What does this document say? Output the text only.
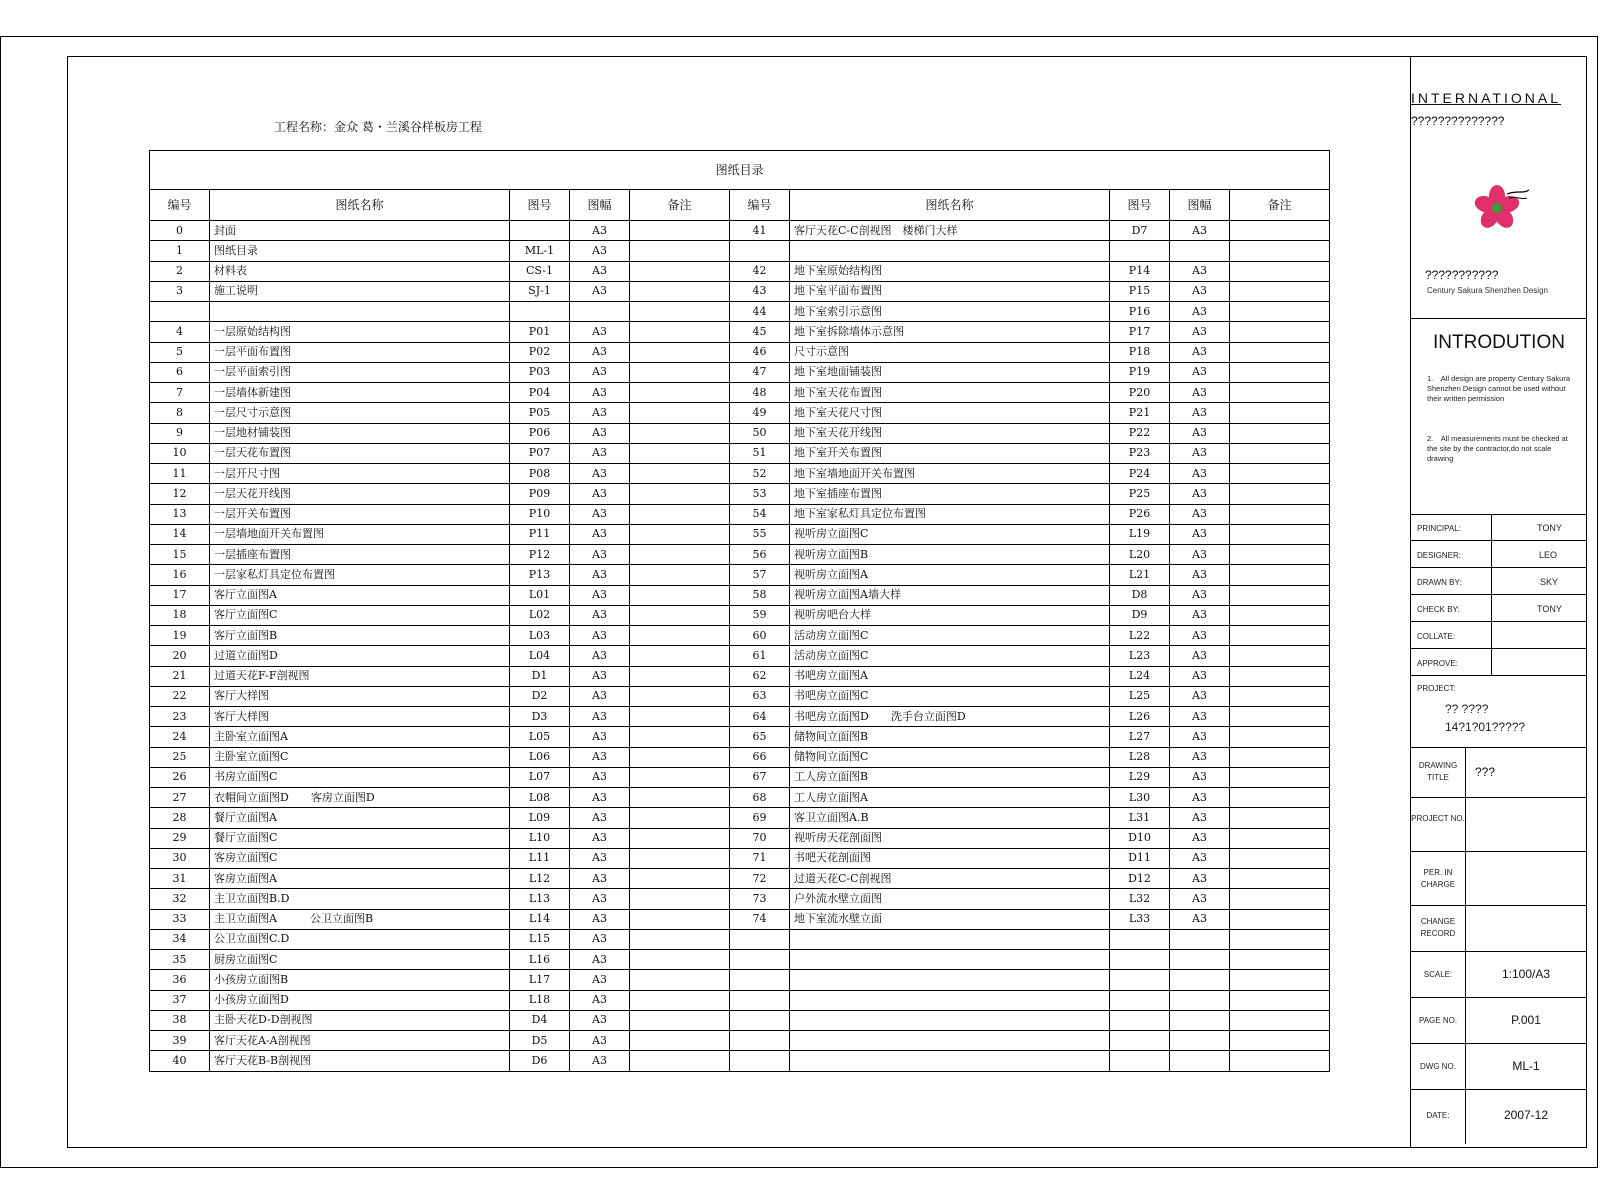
工程名称：金众 葛・兰溪谷样板房工程
图纸目录									
编号	图纸名称	图号	图幅	备注	编号	图纸名称	图号	图幅	备注
0	封面		A3		41	客厅天花C-C剖视图　楼梯门大样	D7	A3	
1	图纸目录	ML-1	A3						
2	材料表	CS-1	A3		42	地下室原始结构图	P14	A3	
3	施工说明	SJ-1	A3		43	地下室平面布置图	P15	A3	
					44	地下室索引示意图	P16	A3	
4	一层原始结构图	P01	A3		45	地下室拆除墙体示意图	P17	A3	
5	一层平面布置图	P02	A3		46	尺寸示意图	P18	A3	
6	一层平面索引图	P03	A3		47	地下室地面铺装图	P19	A3	
7	一层墙体新建图	P04	A3		48	地下室天花布置图	P20	A3	
8	一层尺寸示意图	P05	A3		49	地下室天花尺寸图	P21	A3	
9	一层地材铺装图	P06	A3		50	地下室天花开线图	P22	A3	
10	一层天花布置图	P07	A3		51	地下室开关布置图	P23	A3	
11	一层开尺寸图	P08	A3		52	地下室墙地面开关布置图	P24	A3	
12	一层天花开线图	P09	A3		53	地下室插座布置图	P25	A3	
13	一层开关布置图	P10	A3		54	地下室家私灯具定位布置图	P26	A3	
14	一层墙地面开关布置图	P11	A3		55	视听房立面图C	L19	A3	
15	一层插座布置图	P12	A3		56	视听房立面图B	L20	A3	
16	一层家私灯具定位布置图	P13	A3		57	视听房立面图A	L21	A3	
17	客厅立面图A	L01	A3		58	视听房立面图A墙大样	D8	A3	
18	客厅立面图C	L02	A3		59	视听房吧台大样	D9	A3	
19	客厅立面图B	L03	A3		60	活动房立面图C	L22	A3	
20	过道立面图D	L04	A3		61	活动房立面图C	L23	A3	
21	过道天花F-F剖视图	D1	A3		62	书吧房立面图A	L24	A3	
22	客厅大样图	D2	A3		63	书吧房立面图C	L25	A3	
23	客厅大样图	D3	A3		64	书吧房立面图D　　洗手台立面图D	L26	A3	
24	主卧室立面图A	L05	A3		65	储物间立面图B	L27	A3	
25	主卧室立面图C	L06	A3		66	储物间立面图C	L28	A3	
26	书房立面图C	L07	A3		67	工人房立面图B	L29	A3	
27	衣帽间立面图D　　客房立面图D	L08	A3		68	工人房立面图A	L30	A3	
28	餐厅立面图A	L09	A3		69	客卫立面图A.B	L31	A3	
29	餐厅立面图C	L10	A3		70	视听房天花剖面图	D10	A3	
30	客房立面图C	L11	A3		71	书吧天花剖面图	D11	A3	
31	客房立面图A	L12	A3		72	过道天花C-C剖视图	D12	A3	
32	主卫立面图B.D	L13	A3		73	户外流水壁立面图	L32	A3	
33	主卫立面图A　　　公卫立面图B	L14	A3		74	地下室流水壁立面	L33	A3	
34	公卫立面图C.D	L15	A3						
35	厨房立面图C	L16	A3						
36	小孩房立面图B	L17	A3						
37	小孩房立面图D	L18	A3						
38	主卧天花D-D剖视图	D4	A3						
39	客厅天花A-A剖视图	D5	A3						
40	客厅天花B-B剖视图	D6	A3						
INTERNATIONAL
??????????????
???????????
Century Sakura Shenzhen Design
INTRODUTION
1.　All design are property Century Sakura Shenzhen Design cannot be used without their written permission
2.　All measurements must be checked at the site by the contractor,do not scale drawing
PRINCIPAL:	TONY
DESIGNER:	LEO
DRAWN BY:	SKY
CHECK BY:	TONY
COLLATE:
APPROVE:
PROJECT:
?? ????
14?1?01?????
DRAWING TITLE	???
PROJECT NO.
PER. IN CHARGE
CHANGE RECORD
SCALE:	1:100/A3
PAGE NO.	P.001
DWG NO.	ML-1
DATE:	2007-12
